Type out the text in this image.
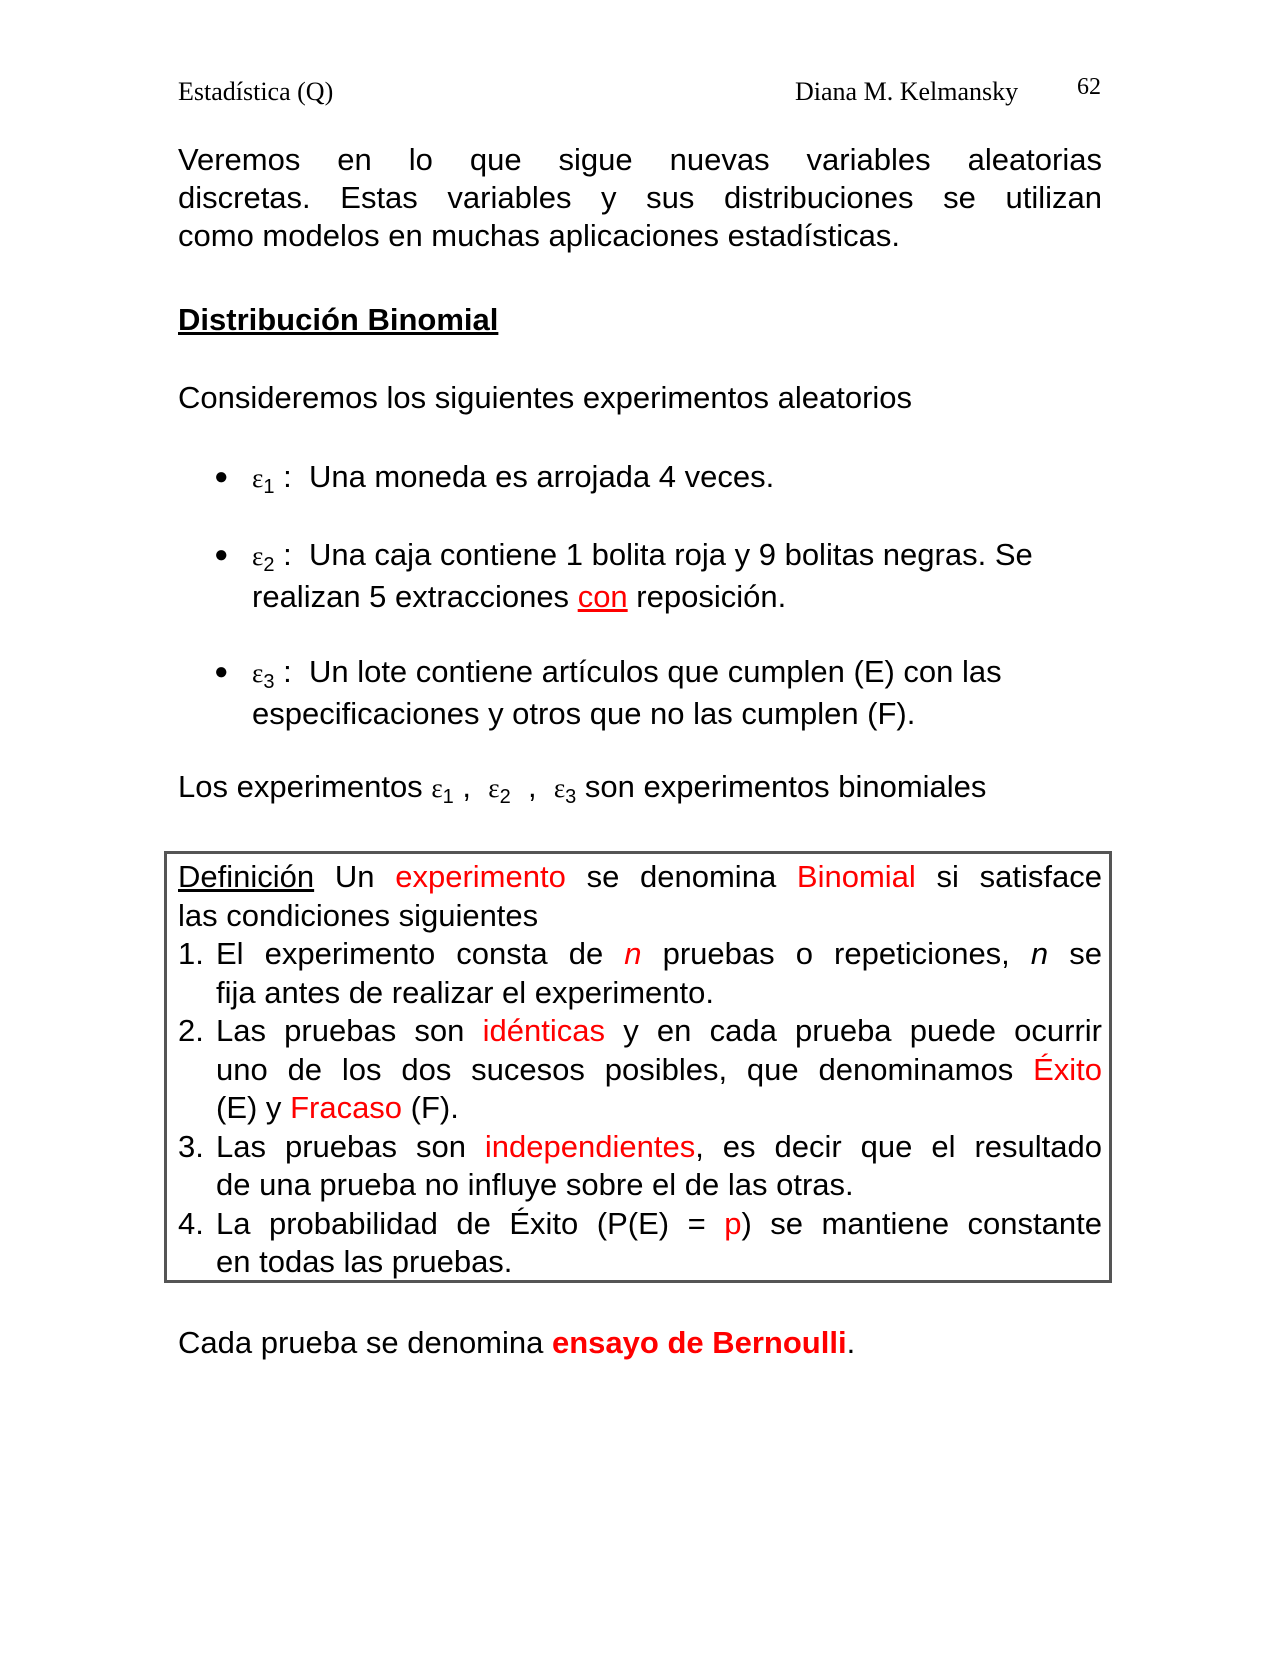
Estadística (Q)	Diana M. Kelmansky 62
Veremos en lo que sigue nuevas variables aleatorias
discretas. Estas variables y sus distribuciones se utilizan
como modelos en muchas aplicaciones estadísticas.
Distribución Binomial
Consideremos los siguientes experimentos aleatorios
● ε1 : Una moneda es arrojada 4 veces.
● ε2 : Una caja contiene 1 bolita roja y 9 bolitas negras. Se
realizan 5 extracciones con reposición.
● ε3 : Un lote contiene artículos que cumplen (E) con las
especificaciones y otros que no las cumplen (F).
Los experimentos ε1 , ε2 , ε3 son experimentos binomiales
Definición Un experimento se denomina Binomial si satisface
las condiciones siguientes
1. El experimento consta de n pruebas o repeticiones, n se
fija antes de realizar el experimento.
2. Las pruebas son idénticas y en cada prueba puede ocurrir
uno de los dos sucesos posibles, que denominamos Éxito
(E) y Fracaso (F).
3. Las pruebas son independientes, es decir que el resultado
de una prueba no influye sobre el de las otras.
4. La probabilidad de Éxito (P(E) = p) se mantiene constante
en todas las pruebas.
Cada prueba se denomina ensayo de Bernoulli.
